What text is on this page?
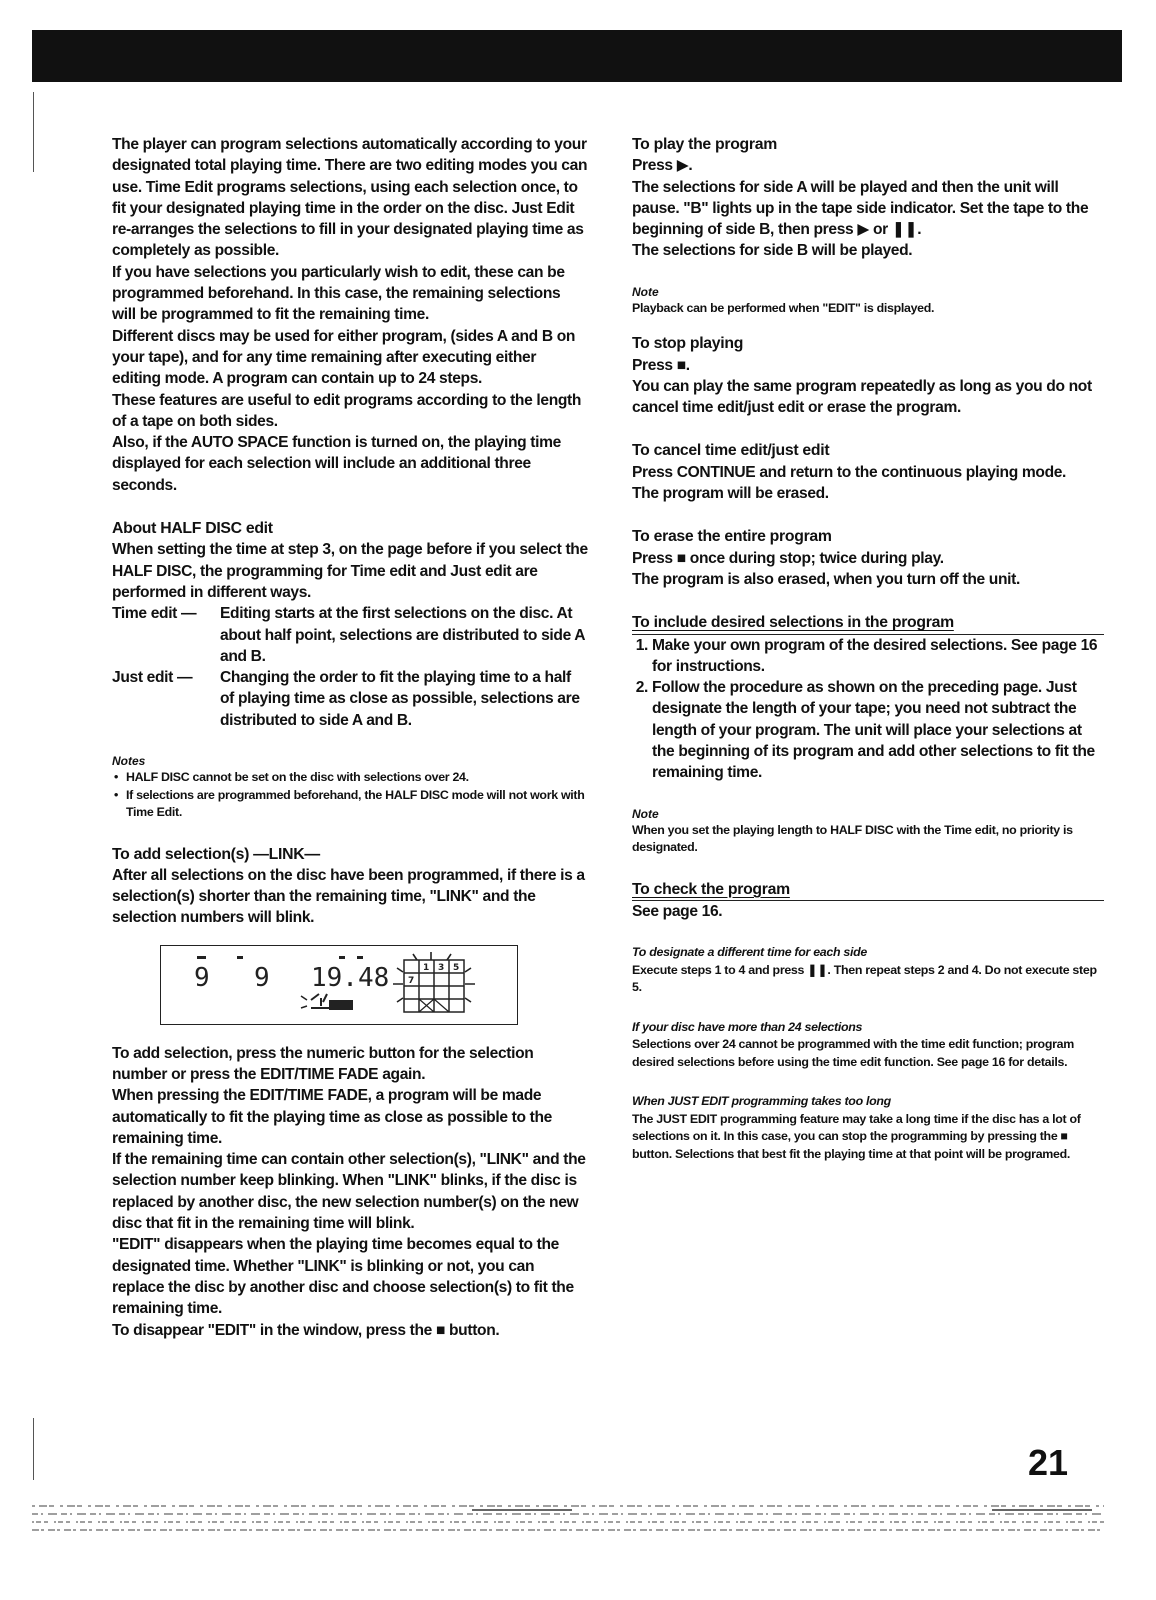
The player can program selections automatically according to your designated total playing time. There are two editing modes you can use. Time Edit programs selections, using each selection once, to fit your designated playing time in the order on the disc. Just Edit re-arranges the selections to fill in your designated playing time as completely as possible.

If you have selections you particularly wish to edit, these can be programmed beforehand. In this case, the remaining selections will be programmed to fit the remaining time.

Different discs may be used for either program, (sides A and B on your tape), and for any time remaining after executing either editing mode. A program can contain up to 24 steps.

These features are useful to edit programs according to the length of a tape on both sides.

Also, if the AUTO SPACE function is turned on, the playing time displayed for each selection will include an additional three seconds.

About HALF DISC edit

When setting the time at step 3, on the page before if you select the HALF DISC, the programming for Time edit and Just edit are performed in different ways.

Time edit —	Editing starts at the first selections on the disc. At about half point, selections are distributed to side A and B.
Just edit —	Changing the order to fit the playing time to a half of playing time as close as possible, selections are distributed to side A and B.
Notes
• HALF DISC cannot be set on the disc with selections over 24.
• If selections are programmed beforehand, the HALF DISC mode will not work with Time Edit.
To add selection(s) —LINK—

After all selections on the disc have been programmed, if there is a selection(s) shorter than the remaining time, "LINK" and the selection numbers will blink.

9 9 19.48	1 3 5
7

To add selection, press the numeric button for the selection number or press the EDIT/TIME FADE again.

When pressing the EDIT/TIME FADE, a program will be made automatically to fit the playing time as close as possible to the remaining time.

If the remaining time can contain other selection(s), "LINK" and the selection number keep blinking. When "LINK" blinks, if the disc is replaced by another disc, the new selection number(s) on the new disc that fit in the remaining time will blink.

"EDIT" disappears when the playing time becomes equal to the designated time. Whether "LINK" is blinking or not, you can replace the disc by another disc and choose selection(s) to fit the remaining time.

To disappear "EDIT" in the window, press the ■ button.

To play the program

Press ▶.

The selections for side A will be played and then the unit will pause. "B" lights up in the tape side indicator. Set the tape to the beginning of side B, then press ▶ or ❚❚.

The selections for side B will be played.

Note

Playback can be performed when "EDIT" is displayed.

To stop playing

Press ■.

You can play the same program repeatedly as long as you do not cancel time edit/just edit or erase the program.

To cancel time edit/just edit

Press CONTINUE and return to the continuous playing mode.

The program will be erased.

To erase the entire program

Press ■ once during stop; twice during play.

The program is also erased, when you turn off the unit.

To include desired selections in the program
1. Make your own program of the desired selections. See page 16 for instructions.
2. Follow the procedure as shown on the preceding page. Just designate the length of your tape; you need not subtract the length of your program. The unit will place your selections at the beginning of its program and add other selections to fit the remaining time.
Note

When you set the playing length to HALF DISC with the Time edit, no priority is designated.

To check the program

See page 16.

To designate a different time for each side

Execute steps 1 to 4 and press ❚❚. Then repeat steps 2 and 4. Do not execute step 5.

If your disc have more than 24 selections

Selections over 24 cannot be programmed with the time edit function; program desired selections before using the time edit function. See page 16 for details.

When JUST EDIT programming takes too long

The JUST EDIT programming feature may take a long time if the disc has a lot of selections on it. In this case, you can stop the programming by pressing the ■ button. Selections that best fit the playing time at that point will be programed.

21
